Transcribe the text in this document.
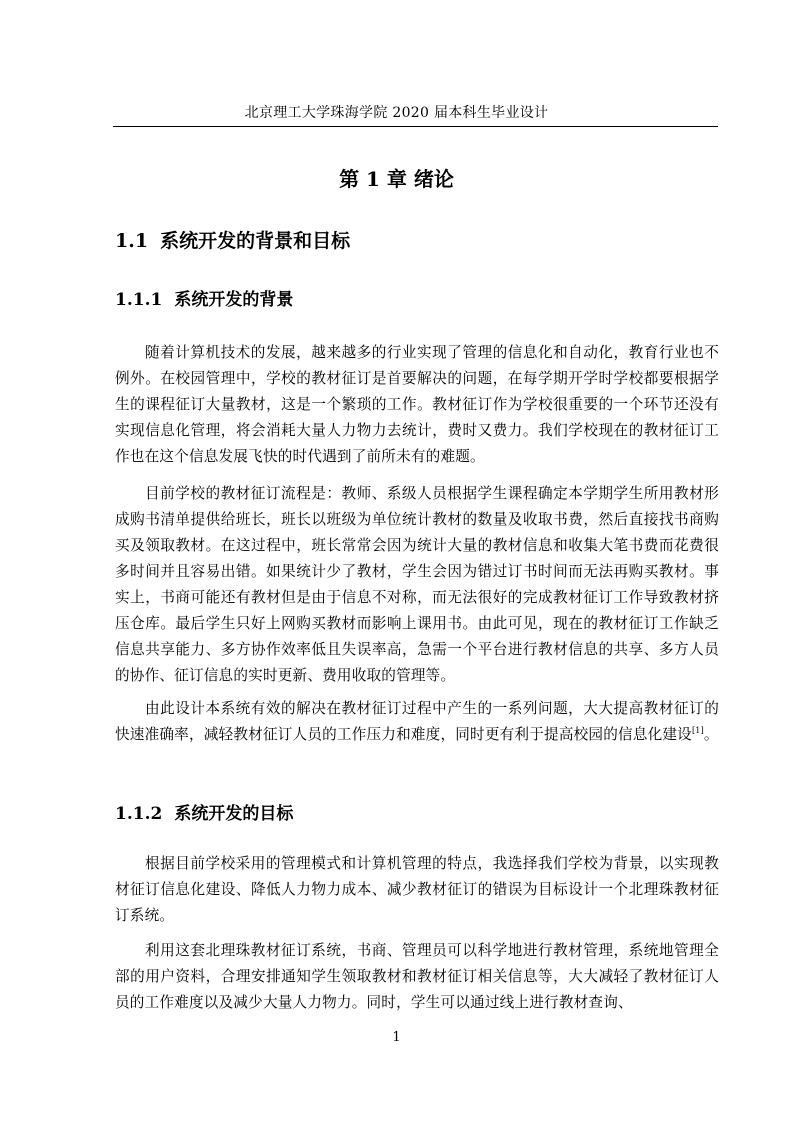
北京理工大学珠海学院 2020 届本科生毕业设计
第 1 章 绪论
1.1 系统开发的背景和目标
1.1.1 系统开发的背景
随着计算机技术的发展，越来越多的行业实现了管理的信息化和自动化，教育行业也不例外。在校园管理中，学校的教材征订是首要解决的问题，在每学期开学时学校都要根据学生的课程征订大量教材，这是一个繁琐的工作。教材征订作为学校很重要的一个环节还没有实现信息化管理，将会消耗大量人力物力去统计，费时又费力。我们学校现在的教材征订工作也在这个信息发展飞快的时代遇到了前所未有的难题。
目前学校的教材征订流程是：教师、系级人员根据学生课程确定本学期学生所用教材形成购书清单提供给班长，班长以班级为单位统计教材的数量及收取书费，然后直接找书商购买及领取教材。在这过程中，班长常常会因为统计大量的教材信息和收集大笔书费而花费很多时间并且容易出错。如果统计少了教材，学生会因为错过订书时间而无法再购买教材。事实上，书商可能还有教材但是由于信息不对称，而无法很好的完成教材征订工作导致教材挤压仓库。最后学生只好上网购买教材而影响上课用书。由此可见，现在的教材征订工作缺乏信息共享能力、多方协作效率低且失误率高，急需一个平台进行教材信息的共享、多方人员的协作、征订信息的实时更新、费用收取的管理等。
由此设计本系统有效的解决在教材征订过程中产生的一系列问题，大大提高教材征订的快速准确率，减轻教材征订人员的工作压力和难度，同时更有利于提高校园的信息化建设[1]。
1.1.2 系统开发的目标
根据目前学校采用的管理模式和计算机管理的特点，我选择我们学校为背景，以实现教材征订信息化建设、降低人力物力成本、减少教材征订的错误为目标设计一个北理珠教材征订系统。
利用这套北理珠教材征订系统，书商、管理员可以科学地进行教材管理，系统地管理全部的用户资料，合理安排通知学生领取教材和教材征订相关信息等，大大减轻了教材征订人员的工作难度以及减少大量人力物力。同时，学生可以通过线上进行教材查询、
1
